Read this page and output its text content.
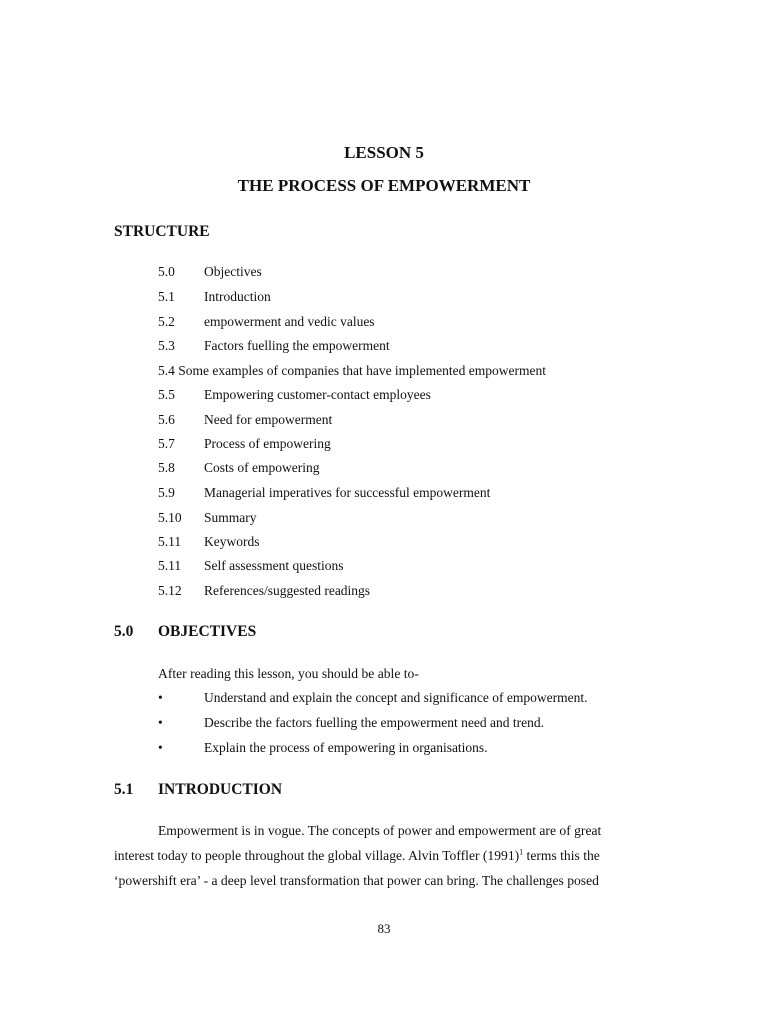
LESSON 5
THE PROCESS OF EMPOWERMENT
STRUCTURE
5.0 Objectives
5.1 Introduction
5.2 empowerment and vedic values
5.3 Factors fuelling the empowerment
5.4 Some examples of companies that have implemented empowerment
5.5 Empowering customer-contact employees
5.6 Need for empowerment
5.7 Process of empowering
5.8 Costs of empowering
5.9 Managerial imperatives for successful empowerment
5.10 Summary
5.11 Keywords
5.11 Self assessment questions
5.12 References/suggested readings
5.0 OBJECTIVES
After reading this lesson, you should be able to-
•	Understand and explain the concept and significance of empowerment.
•	Describe the factors fuelling the empowerment need and trend.
•	Explain the process of empowering in organisations.
5.1 INTRODUCTION
Empowerment is in vogue. The concepts of power and empowerment are of great
interest today to people throughout the global village. Alvin Toffler $(1991)^1$ terms this the
‘powershift era’ - a deep level transformation that power can bring. The challenges posed
83
